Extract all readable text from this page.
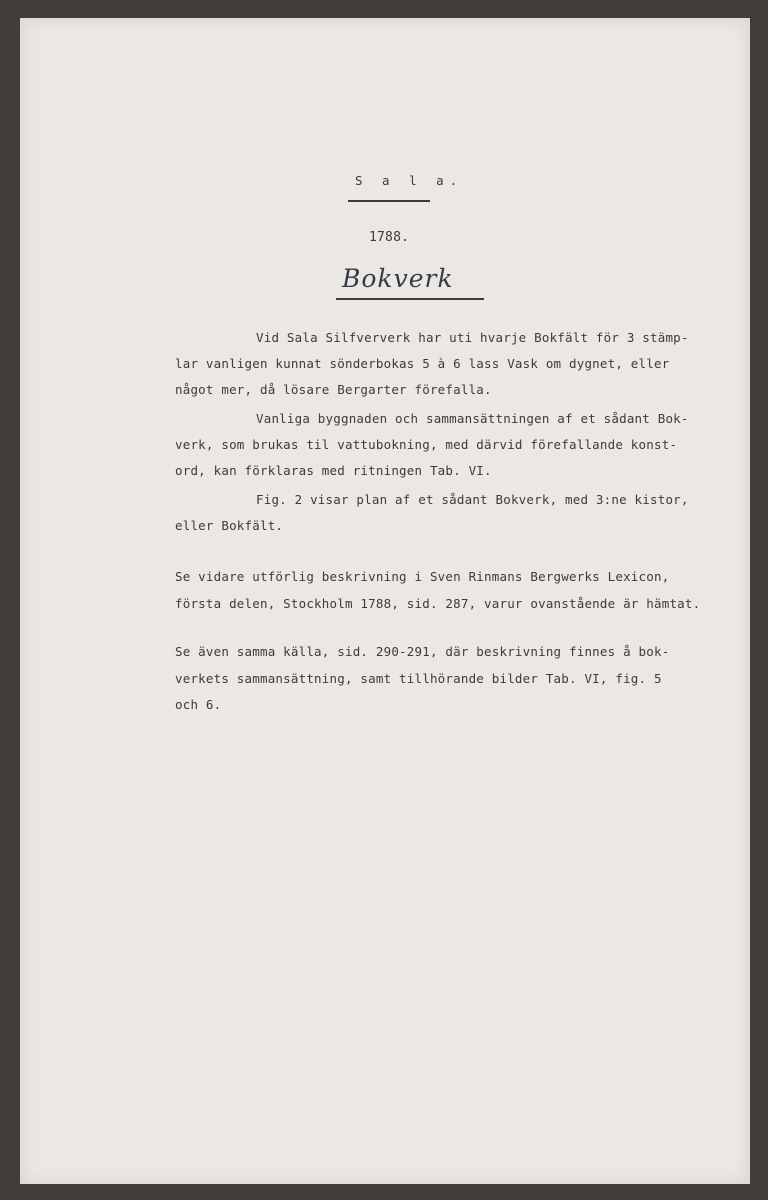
S a l a.
1788.
Bokverk
Vid Sala Silfververk har uti hvarje Bokfält för 3 stämp-
lar vanligen kunnat sönderbokas 5 à 6 lass Vask om dygnet, eller
något mer, då lösare Bergarter förefalla.
Vanliga byggnaden och sammansättningen af et sådant Bok-
verk, som brukas til vattubokning, med därvid förefallande konst-
ord, kan förklaras med ritningen Tab. VI.
Fig. 2 visar plan af et sådant Bokverk, med 3:ne kistor,
eller Bokfält.
Se vidare utförlig beskrivning i Sven Rinmans Bergwerks Lexicon,
första delen, Stockholm 1788, sid. 287, varur ovanstående är hämtat.
Se även samma källa, sid. 290-291, där beskrivning finnes å bok-
verkets sammansättning, samt tillhörande bilder Tab. VI, fig. 5
och 6.
